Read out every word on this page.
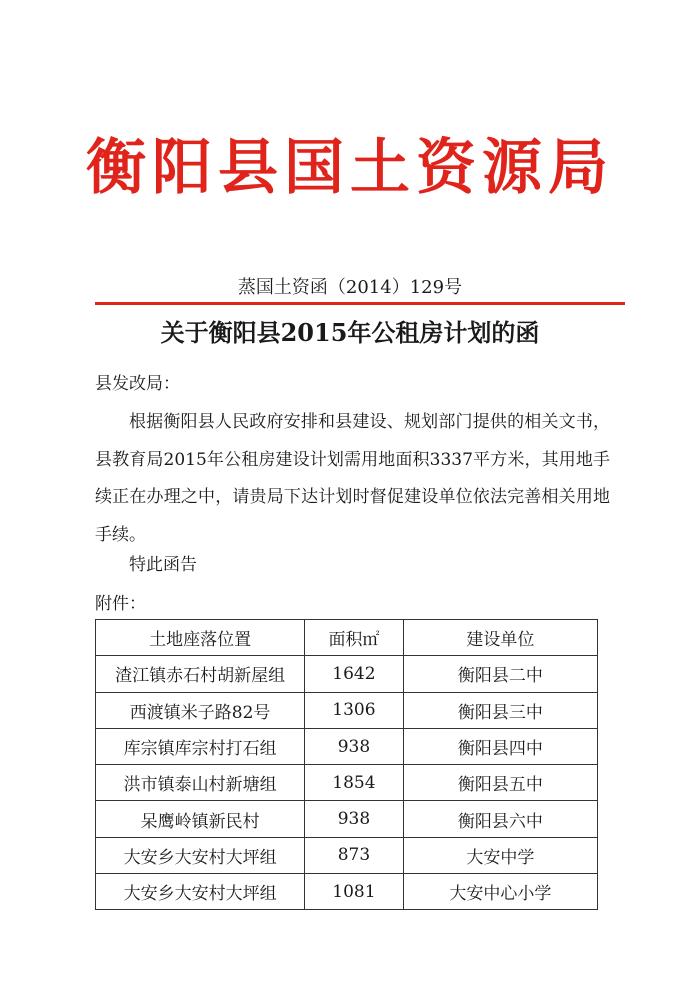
衡阳县国土资源局
蒸国土资函（2014）129号
关于衡阳县2015年公租房计划的函
县发改局：
根据衡阳县人民政府安排和县建设、规划部门提供的相关文书，县教育局2015年公租房建设计划需用地面积3337平方米，其用地手续正在办理之中，请贵局下达计划时督促建设单位依法完善相关用地手续。
特此函告
附件：
土地座落位置	面积㎡	建设单位
渣江镇赤石村胡新屋组	1642	衡阳县二中
西渡镇米子路82号	1306	衡阳县三中
库宗镇库宗村打石组	938	衡阳县四中
洪市镇泰山村新塘组	1854	衡阳县五中
呆鹰岭镇新民村	938	衡阳县六中
大安乡大安村大坪组	873	大安中学
大安乡大安村大坪组	1081	大安中心小学
